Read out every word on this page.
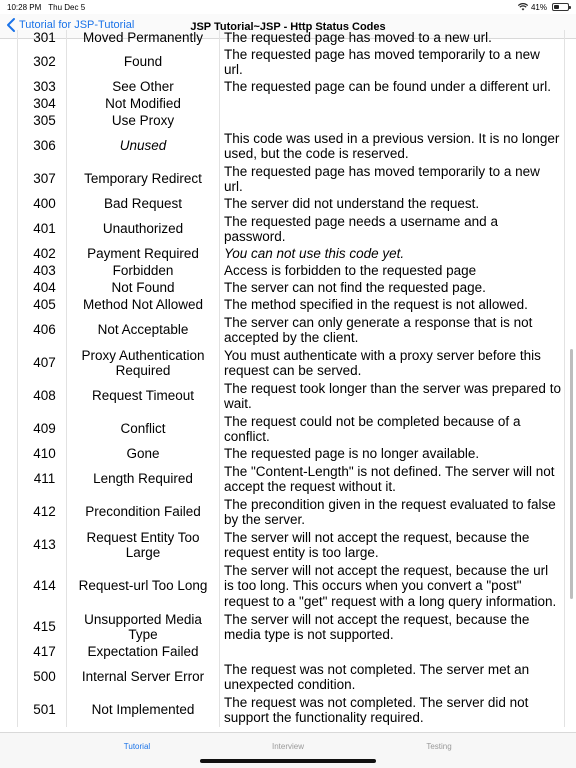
10:28 PM Thu Dec 5	41%
Tutorial for JSP-Tutorial	JSP Tutorial~JSP - Http Status Codes
301	Moved Permanently	The requested page has moved to a new url.
302	Found	The requested page has moved temporarily to a new url.
303	See Other	The requested page can be found under a different url.
304	Not Modified	
305	Use Proxy	
306	Unused	This code was used in a previous version. It is no longer used, but the code is reserved.
307	Temporary Redirect	The requested page has moved temporarily to a new url.
400	Bad Request	The server did not understand the request.
401	Unauthorized	The requested page needs a username and a password.
402	Payment Required	You can not use this code yet.
403	Forbidden	Access is forbidden to the requested page
404	Not Found	The server can not find the requested page.
405	Method Not Allowed	The method specified in the request is not allowed.
406	Not Acceptable	The server can only generate a response that is not accepted by the client.
407	Proxy Authentication Required	You must authenticate with a proxy server before this request can be served.
408	Request Timeout	The request took longer than the server was prepared to wait.
409	Conflict	The request could not be completed because of a conflict.
410	Gone	The requested page is no longer available.
411	Length Required	The "Content-Length" is not defined. The server will not accept the request without it.
412	Precondition Failed	The precondition given in the request evaluated to false by the server.
413	Request Entity Too Large	The server will not accept the request, because the request entity is too large.
414	Request-url Too Long	The server will not accept the request, because the url is too long. This occurs when you convert a "post" request to a "get" request with a long query information.
415	Unsupported Media Type	The server will not accept the request, because the media type is not supported.
417	Expectation Failed	
500	Internal Server Error	The request was not completed. The server met an unexpected condition.
501	Not Implemented	The request was not completed. The server did not support the functionality required.
Tutorial	Interview	Testing
